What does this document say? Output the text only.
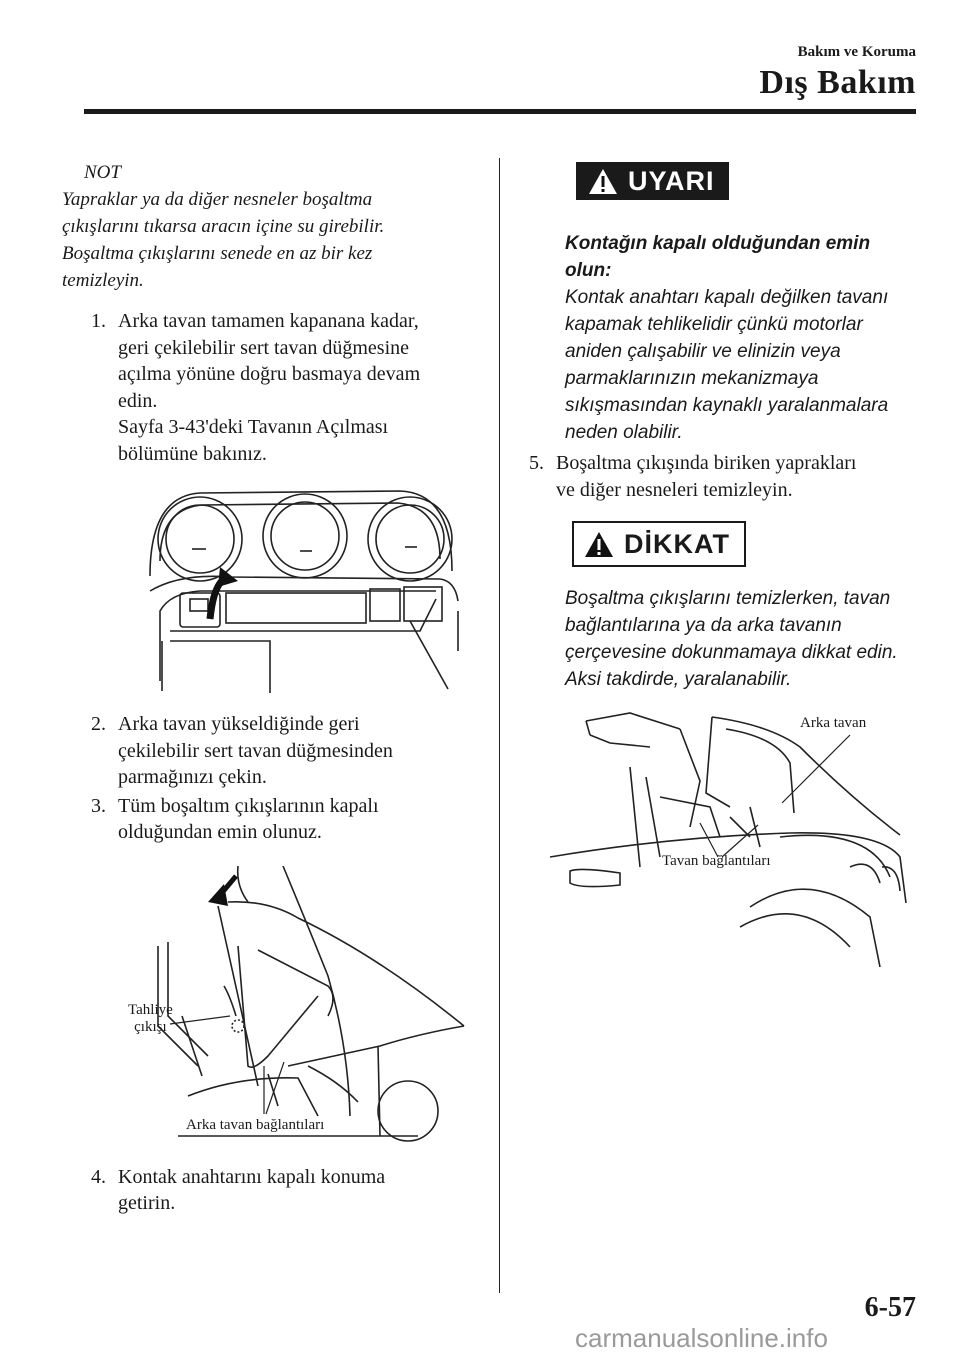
Bakım ve Koruma
Dış Bakım
NOT
Yapraklar ya da diğer nesneler boşaltma
çıkışlarını tıkarsa aracın içine su girebilir.
Boşaltma çıkışlarını senede en az bir kez
temizleyin.
1. Arka tavan tamamen kapanana kadar,
geri çekilebilir sert tavan düğmesine
açılma yönüne doğru basmaya devam
edin.
Sayfa 3-43'deki Tavanın Açılması
bölümüne bakınız.
2. Arka tavan yükseldiğinde geri
çekilebilir sert tavan düğmesinden
parmağınızı çekin.
3. Tüm boşaltım çıkışlarının kapalı
olduğundan emin olunuz.
Tahliye
çıkışı
Arka tavan bağlantıları
4. Kontak anahtarını kapalı konuma
getirin.
UYARI
Kontağın kapalı olduğundan emin
olun:
Kontak anahtarı kapalı değilken tavanı
kapamak tehlikelidir çünkü motorlar
aniden çalışabilir ve elinizin veya
parmaklarınızın mekanizmaya
sıkışmasından kaynaklı yaralanmalara
neden olabilir.
5. Boşaltma çıkışında biriken yaprakları
ve diğer nesneleri temizleyin.
DİKKAT
Boşaltma çıkışlarını temizlerken, tavan
bağlantılarına ya da arka tavanın
çerçevesine dokunmamaya dikkat edin.
Aksi takdirde, yaralanabilir.
Arka tavan
Tavan bağlantıları
6-57
carmanualsonline.info
